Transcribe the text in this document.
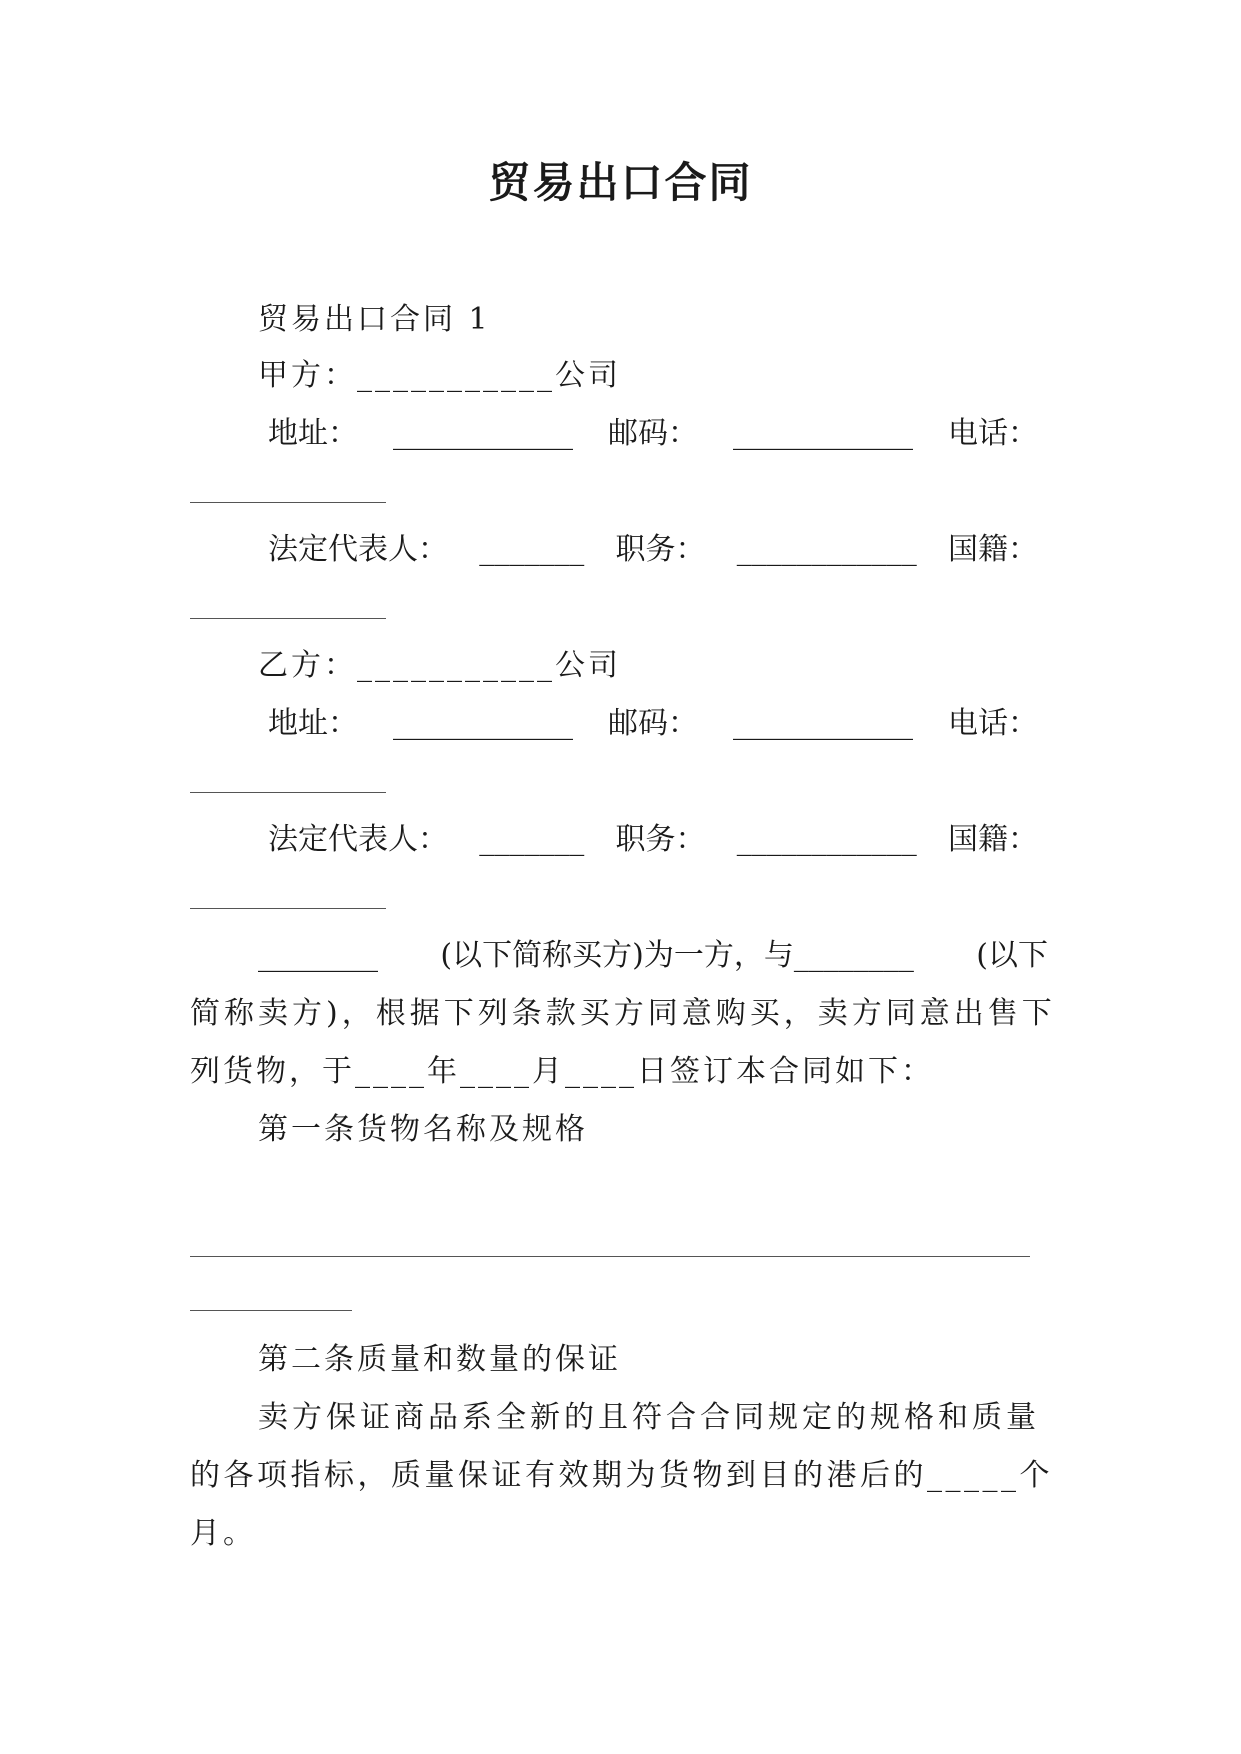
贸易出口合同
贸易出口合同 1
甲方：___________公司
地址： ____________ 邮码： ____________ 电话：
法定代表人： _______ 职务： ____________ 国籍：
乙方：___________公司
地址： ____________ 邮码： ____________ 电话：
法定代表人： _______ 职务： ____________ 国籍：
________ (以下简称买方)为一方，与________ (以下
简称卖方)，根据下列条款买方同意购买，卖方同意出售下
列货物，于____年____月____日签订本合同如下：
第一条货物名称及规格
第二条质量和数量的保证
卖方保证商品系全新的且符合合同规定的规格和质量
的各项指标，质量保证有效期为货物到目的港后的_____个
月。
